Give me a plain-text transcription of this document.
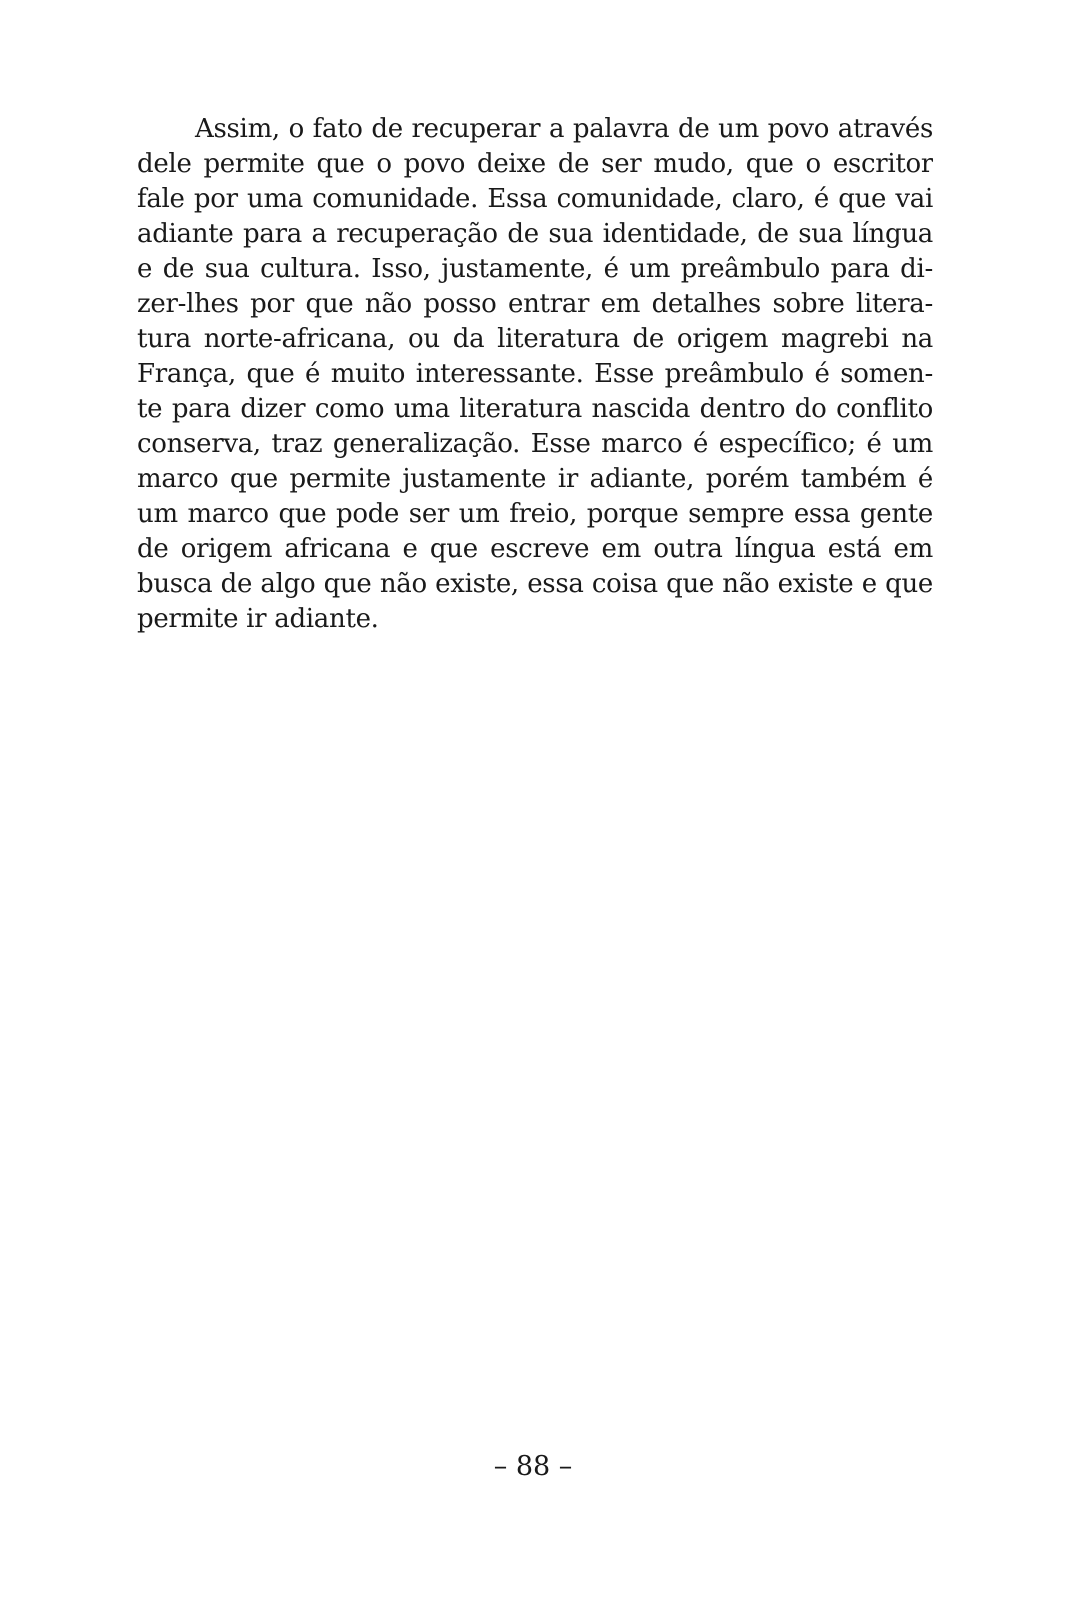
Assim, o fato de recuperar a palavra de um povo através
dele permite que o povo deixe de ser mudo, que o escritor
fale por uma comunidade. Essa comunidade, claro, é que vai
adiante para a recuperação de sua identidade, de sua língua
e de sua cultura. Isso, justamente, é um preâmbulo para di-
zer-lhes por que não posso entrar em detalhes sobre litera-
tura norte-africana, ou da literatura de origem magrebi na
França, que é muito interessante. Esse preâmbulo é somen-
te para dizer como uma literatura nascida dentro do conflito
conserva, traz generalização. Esse marco é específico; é um
marco que permite justamente ir adiante, porém também é
um marco que pode ser um freio, porque sempre essa gente
de origem africana e que escreve em outra língua está em
busca de algo que não existe, essa coisa que não existe e que
permite ir adiante.
– 88 –
